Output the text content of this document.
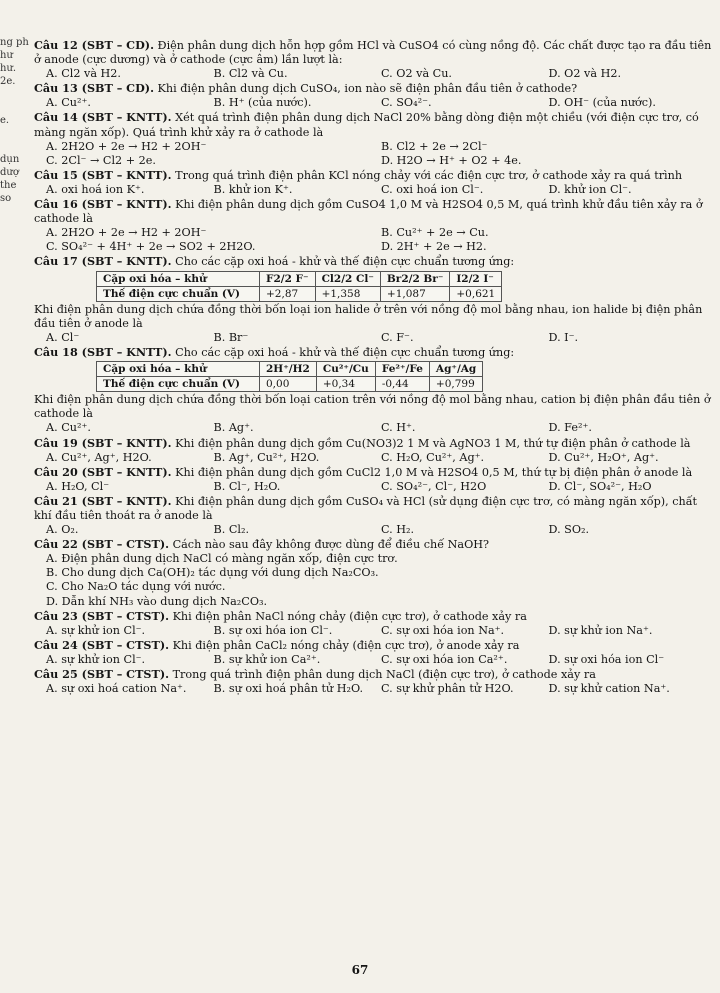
ng ph
hư
hư.
2e.
e.
dụn
dượ
the
so
Câu 12 (SBT – CD). Điện phân dung dịch hỗn hợp gồm HCl và CuSO4 có cùng nồng độ. Các chất được tạo ra đầu tiên ở anode (cực dương) và ở cathode (cực âm) lần lượt là:
A. Cl2 và H2.	B. Cl2 và Cu.	C. O2 và Cu.	D. O2 và H2.
Câu 13 (SBT – CD). Khi điện phân dung dịch CuSO₄, ion nào sẽ điện phân đầu tiên ở cathode?
A. Cu²⁺.	B. H⁺ (của nước).	C. SO₄²⁻.	D. OH⁻ (của nước).
Câu 14 (SBT – KNTT). Xét quá trình điện phân dung dịch NaCl 20% bằng dòng điện một chiều (với điện cực trơ, có màng ngăn xốp). Quá trình khử xảy ra ở cathode là
A. 2H2O + 2e → H2 + 2OH⁻	B. Cl2 + 2e → 2Cl⁻
C. 2Cl⁻ → Cl2 + 2e.	D. H2O → H⁺ + O2 + 4e.
Câu 15 (SBT – KNTT). Trong quá trình điện phân KCl nóng chảy với các điện cực trơ, ở cathode xảy ra quá trình
A. oxi hoá ion K⁺.	B. khử ion K⁺.	C. oxi hoá ion Cl⁻.	D. khử ion Cl⁻.
Câu 16 (SBT – KNTT). Khi điện phân dung dịch gồm CuSO4 1,0 M và H2SO4 0,5 M, quá trình khử đầu tiên xảy ra ở cathode là
A. 2H2O + 2e → H2 + 2OH⁻	B. Cu²⁺ + 2e → Cu.
C. SO₄²⁻ + 4H⁺ + 2e → SO2 + 2H2O.	D. 2H⁺ + 2e → H2.
Câu 17 (SBT – KNTT). Cho các cặp oxi hoá - khử và thế điện cực chuẩn tương ứng:
Cặp oxi hóa – khử	F2/2 F⁻	Cl2/2 Cl⁻	Br2/2 Br⁻	I2/2 I⁻
Thế điện cực chuẩn (V)	+2,87	+1,358	+1,087	+0,621
Khi điện phân dung dịch chứa đồng thời bốn loại ion halide ở trên với nồng độ mol bằng nhau, ion halide bị điện phân đầu tiên ở anode là
A. Cl⁻	B. Br⁻	C. F⁻.	D. I⁻.
Câu 18 (SBT – KNTT). Cho các cặp oxi hoá - khử và thế điện cực chuẩn tương ứng:
Cặp oxi hóa – khử	2H⁺/H2	Cu²⁺/Cu	Fe²⁺/Fe	Ag⁺/Ag
Thế điện cực chuẩn (V)	0,00	+0,34	-0,44	+0,799
Khi điện phân dung dịch chứa đồng thời bốn loại cation trên với nồng độ mol bằng nhau, cation bị điện phân đầu tiên ở cathode là
A. Cu²⁺.	B. Ag⁺.	C. H⁺.	D. Fe²⁺.
Câu 19 (SBT – KNTT). Khi điện phân dung dịch gồm Cu(NO3)2 1 M và AgNO3 1 M, thứ tự điện phân ở cathode là
A. Cu²⁺, Ag⁺, H2O.	B. Ag⁺, Cu²⁺, H2O.	C. H₂O, Cu²⁺, Ag⁺.	D. Cu²⁺, H₂O⁺, Ag⁺.
Câu 20 (SBT – KNTT). Khi điện phân dung dịch gồm CuCl2 1,0 M và H2SO4 0,5 M, thứ tự bị điện phân ở anode là
A. H₂O, Cl⁻	B. Cl⁻, H₂O.	C. SO₄²⁻, Cl⁻, H2O	D. Cl⁻, SO₄²⁻, H₂O
Câu 21 (SBT – KNTT). Khi điện phân dung dịch gồm CuSO₄ và HCl (sử dụng điện cực trơ, có màng ngăn xốp), chất khí đầu tiên thoát ra ở anode là
A. O₂.	B. Cl₂.	C. H₂.	D. SO₂.
Câu 22 (SBT – CTST). Cách nào sau đây không được dùng để điều chế NaOH?
A. Điện phân dung dịch NaCl có màng ngăn xốp, điện cực trơ.
B. Cho dung dịch Ca(OH)₂ tác dụng với dung dịch Na₂CO₃.
C. Cho Na₂O tác dụng với nước.
D. Dẫn khí NH₃ vào dung dịch Na₂CO₃.
Câu 23 (SBT – CTST). Khi điện phân NaCl nóng chảy (điện cực trơ), ở cathode xảy ra
A. sự khử ion Cl⁻.	B. sự oxi hóa ion Cl⁻.	C. sự oxi hóa ion Na⁺.	D. sự khử ion Na⁺.
Câu 24 (SBT – CTST). Khi điện phân CaCl₂ nóng chảy (điện cực trơ), ở anode xảy ra
A. sự khử ion Cl⁻.	B. sự khử ion Ca²⁺.	C. sự oxi hóa ion Ca²⁺.	D. sự oxi hóa ion Cl⁻
Câu 25 (SBT – CTST). Trong quá trình điện phân dung dịch NaCl (điện cực trơ), ở cathode xảy ra
A. sự oxi hoá cation Na⁺.	B. sự oxi hoá phân tử H₂O.	C. sự khử phân tử H2O.	D. sự khử cation Na⁺.
67
